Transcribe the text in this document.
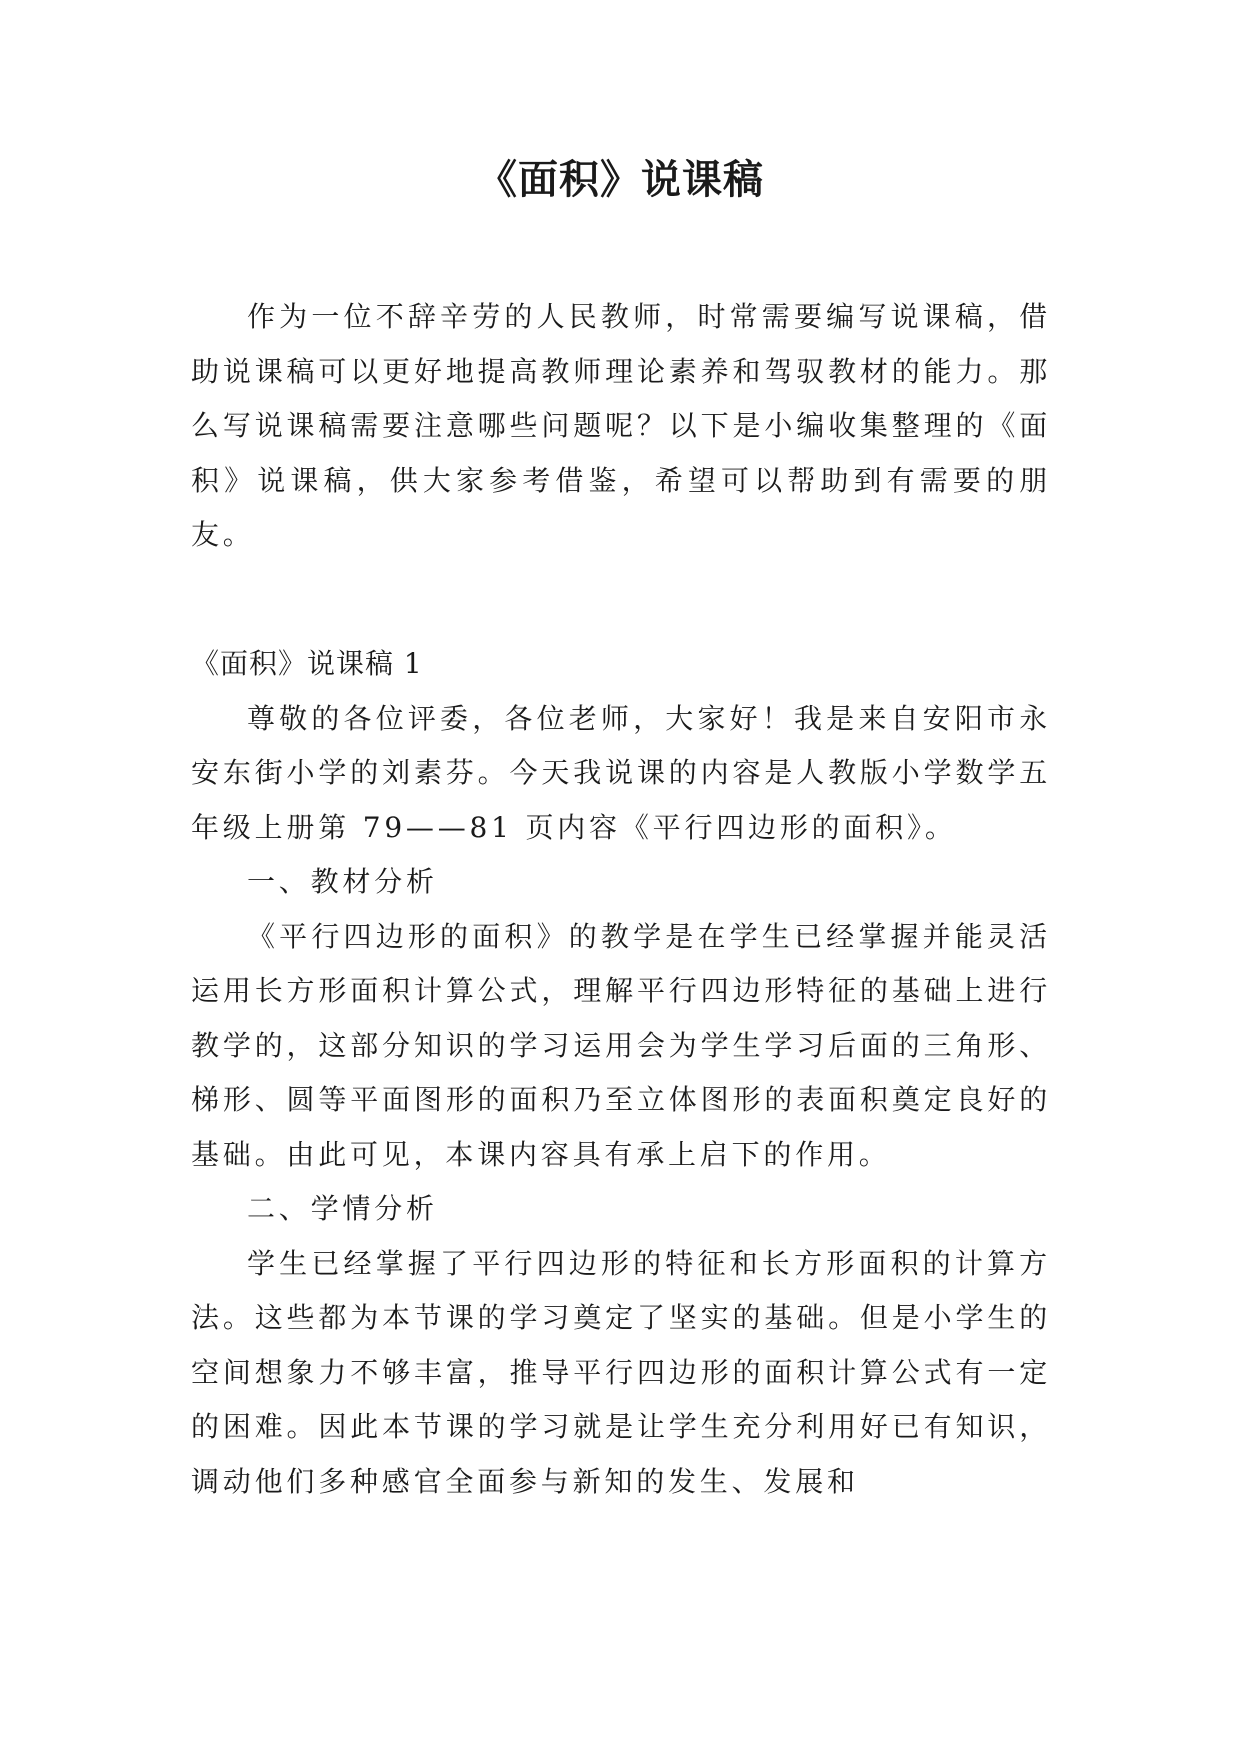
《面积》说课稿

作为一位不辞辛劳的人民教师，时常需要编写说课稿，借助说课稿可以更好地提高教师理论素养和驾驭教材的能力。那么写说课稿需要注意哪些问题呢？以下是小编收集整理的《面积》说课稿，供大家参考借鉴，希望可以帮助到有需要的朋友。

《面积》说课稿 1

尊敬的各位评委，各位老师，大家好！我是来自安阳市永安东街小学的刘素芬。今天我说课的内容是人教版小学数学五年级上册第 79——81 页内容《平行四边形的面积》。

一、教材分析

《平行四边形的面积》的教学是在学生已经掌握并能灵活运用长方形面积计算公式，理解平行四边形特征的基础上进行教学的，这部分知识的学习运用会为学生学习后面的三角形、梯形、圆等平面图形的面积乃至立体图形的表面积奠定良好的基础。由此可见，本课内容具有承上启下的作用。

二、学情分析

学生已经掌握了平行四边形的特征和长方形面积的计算方法。这些都为本节课的学习奠定了坚实的基础。但是小学生的空间想象力不够丰富，推导平行四边形的面积计算公式有一定的困难。因此本节课的学习就是让学生充分利用好已有知识，调动他们多种感官全面参与新知的发生、发展和
